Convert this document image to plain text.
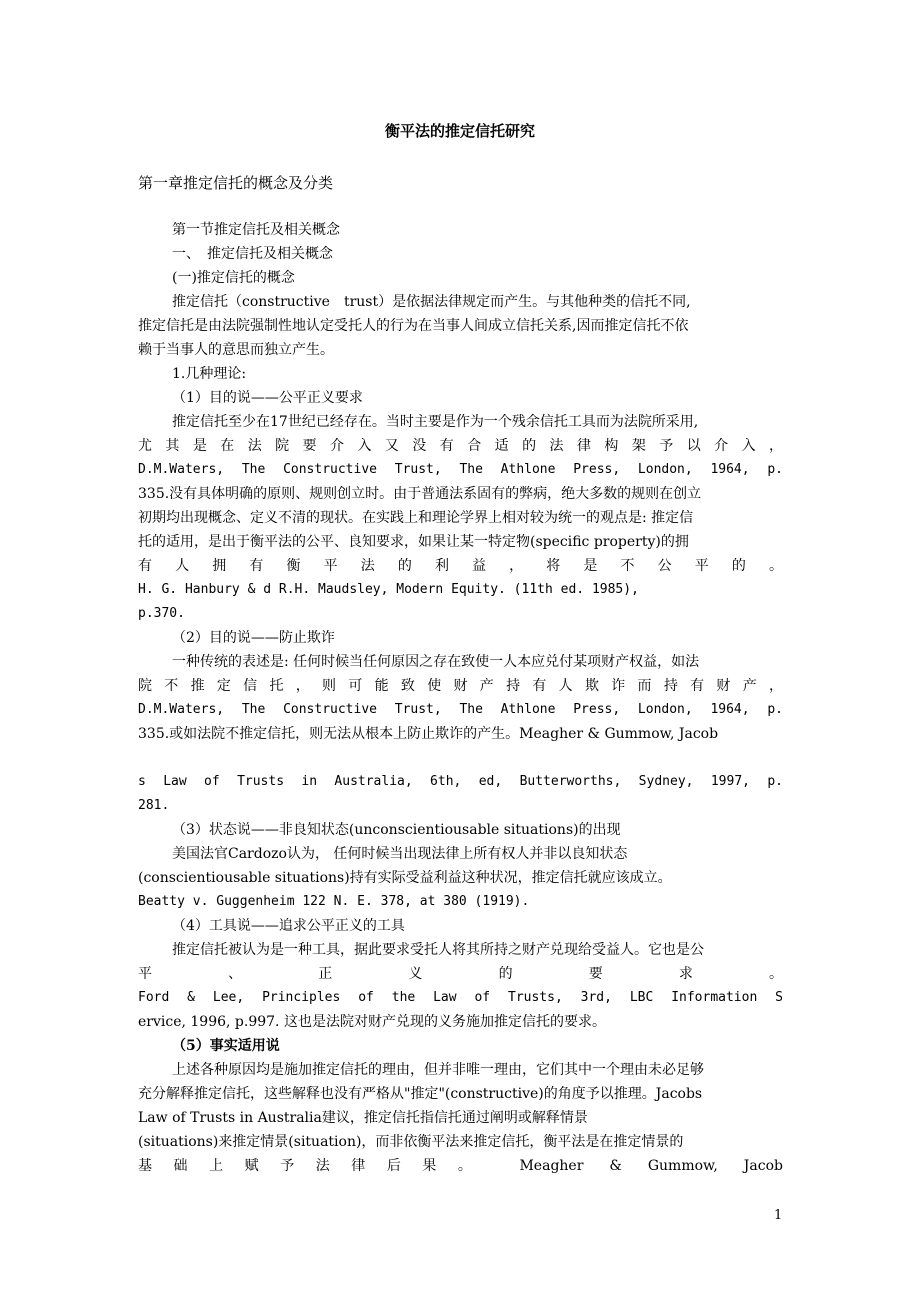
衡平法的推定信托研究
第一章推定信托的概念及分类

第一节推定信托及相关概念

一、　推定信托及相关概念

(一)推定信托的概念

推定信托（constructive　trust）是依据法律规定而产生。与其他种类的信托不同,

推定信托是由法院强制性地认定受托人的行为在当事人间成立信托关系,因而推定信托不依

赖于当事人的意思而独立产生。

1.几种理论:

（1）目的说——公平正义要求

推定信托至少在17世纪已经存在。当时主要是作为一个残余信托工具而为法院所采用,

尤其是在法院要介入又没有合适的法律构架予以介入，

D.M.Waters, The Constructive Trust, The Athlone Press, London, 1964, p.

335.没有具体明确的原则、规则创立时。由于普通法系固有的弊病，绝大多数的规则在创立

初期均出现概念、定义不清的现状。在实践上和理论学界上相对较为统一的观点是: 推定信

托的适用，是出于衡平法的公平、良知要求，如果让某一特定物(specific property)的拥

有人拥有衡平法的利益，将是不公平的。

H. G. Hanbury & d R.H. Maudsley, Modern Equity. (11th ed. 1985),

p.370.

（2）目的说——防止欺诈

一种传统的表述是: 任何时候当任何原因之存在致使一人本应兑付某项财产权益，如法

院不推定信托，则可能致使财产持有人欺诈而持有财产，

D.M.Waters, The Constructive Trust, The Athlone Press, London, 1964, p.

335.或如法院不推定信托，则无法从根本上防止欺诈的产生。Meagher & Gummow, Jacob

s Law of Trusts in Australia, 6th, ed, Butterworths, Sydney, 1997, p.

281.

（3）状态说——非良知状态(unconscientiousable situations)的出现

美国法官Cardozo认为， 任何时候当出现法律上所有权人并非以良知状态

(conscientiousable situations)持有实际受益利益这种状况，推定信托就应该成立。

Beatty v. Guggenheim 122 N. E. 378, at 380 (1919).

（4）工具说——追求公平正义的工具

推定信托被认为是一种工具，据此要求受托人将其所持之财产兑现给受益人。它也是公

平、正义的要求。

Ford & Lee, Principles of the Law of Trusts, 3rd, LBC Information S

ervice, 1996, p.997. 这也是法院对财产兑现的义务施加推定信托的要求。

（5）事实适用说

上述各种原因均是施加推定信托的理由，但并非唯一理由，它们其中一个理由未必足够

充分解释推定信托，这些解释也没有严格从"推定"(constructive)的角度予以推理。Jacobs

Law of Trusts in Australia建议，推定信托指信托通过阐明或解释情景

(situations)来推定情景(situation)，而非依衡平法来推定信托，衡平法是在推定情景的

基础上赋予法律后果。 Meagher & Gummow, Jacob

1
